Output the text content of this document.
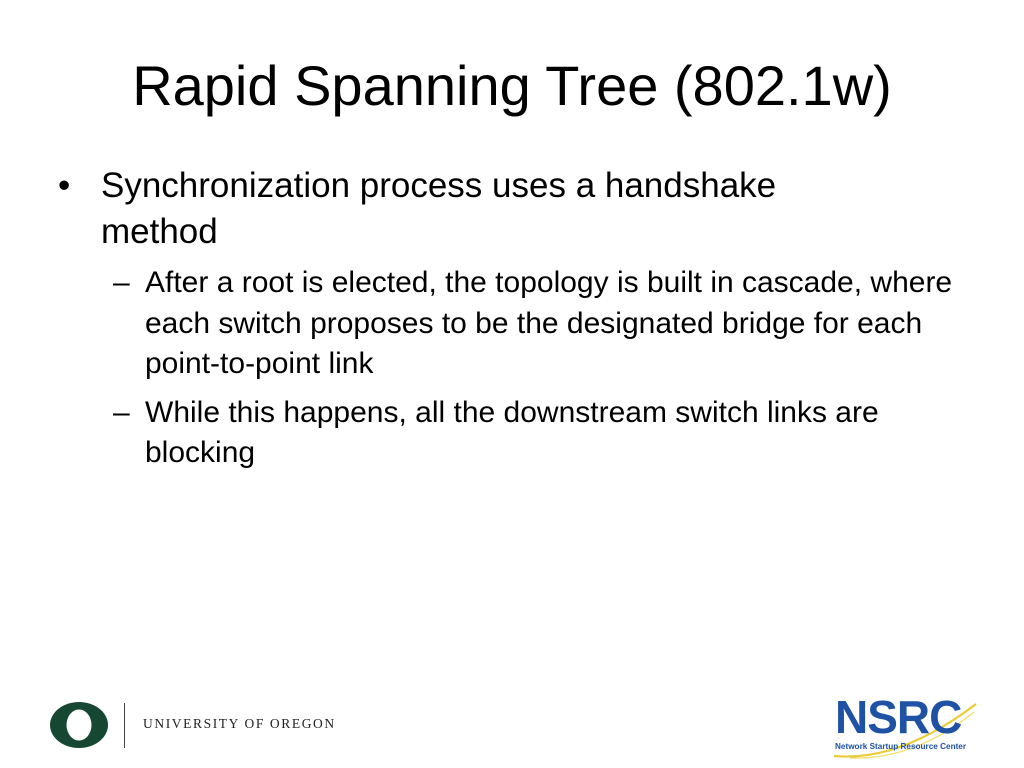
Rapid Spanning Tree (802.1w)
• Synchronization process uses a handshake method
– After a root is elected, the topology is built in cascade, where each switch proposes to be the designated bridge for each point-to-point link
– While this happens, all the downstream switch links are blocking
UNIVERSITY OF OREGON	NSRC
Network Startup Resource Center
